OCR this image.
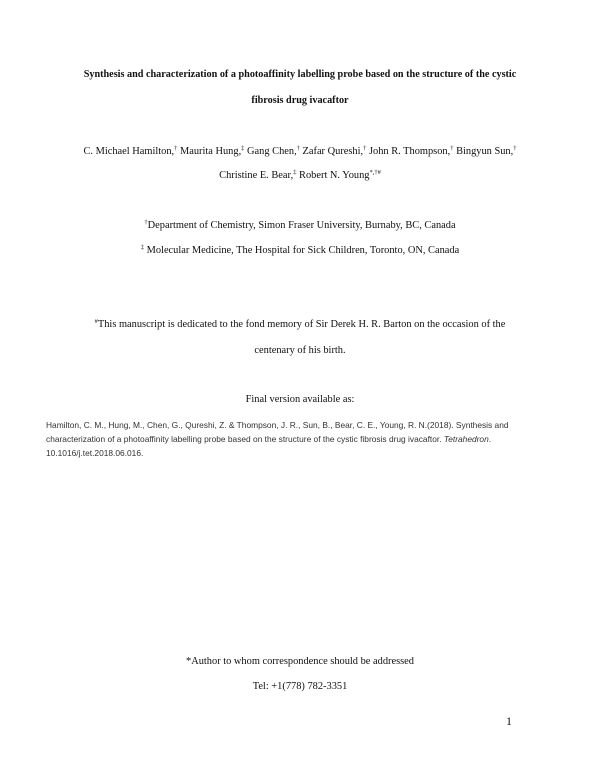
Synthesis and characterization of a photoaffinity labelling probe based on the structure of the cystic
fibrosis drug ivacaftor
C. Michael Hamilton,† Maurita Hung,‡ Gang Chen,† Zafar Qureshi,† John R. Thompson,† Bingyun Sun,†
Christine E. Bear,‡ Robert N. Young*,†#
†Department of Chemistry, Simon Fraser University, Burnaby, BC, Canada
‡ Molecular Medicine, The Hospital for Sick Children, Toronto, ON, Canada
#This manuscript is dedicated to the fond memory of Sir Derek H. R. Barton on the occasion of the
centenary of his birth.
Final version available as:
Hamilton, C. M., Hung, M., Chen, G., Qureshi, Z. & Thompson, J. R., Sun, B., Bear, C. E., Young, R. N.(2018). Synthesis and characterization of a photoaffinity labelling probe based on the structure of the cystic fibrosis drug ivacaftor. Tetrahedron. 10.1016/j.tet.2018.06.016.
*Author to whom correspondence should be addressed
Tel: +1(778) 782-3351
1
